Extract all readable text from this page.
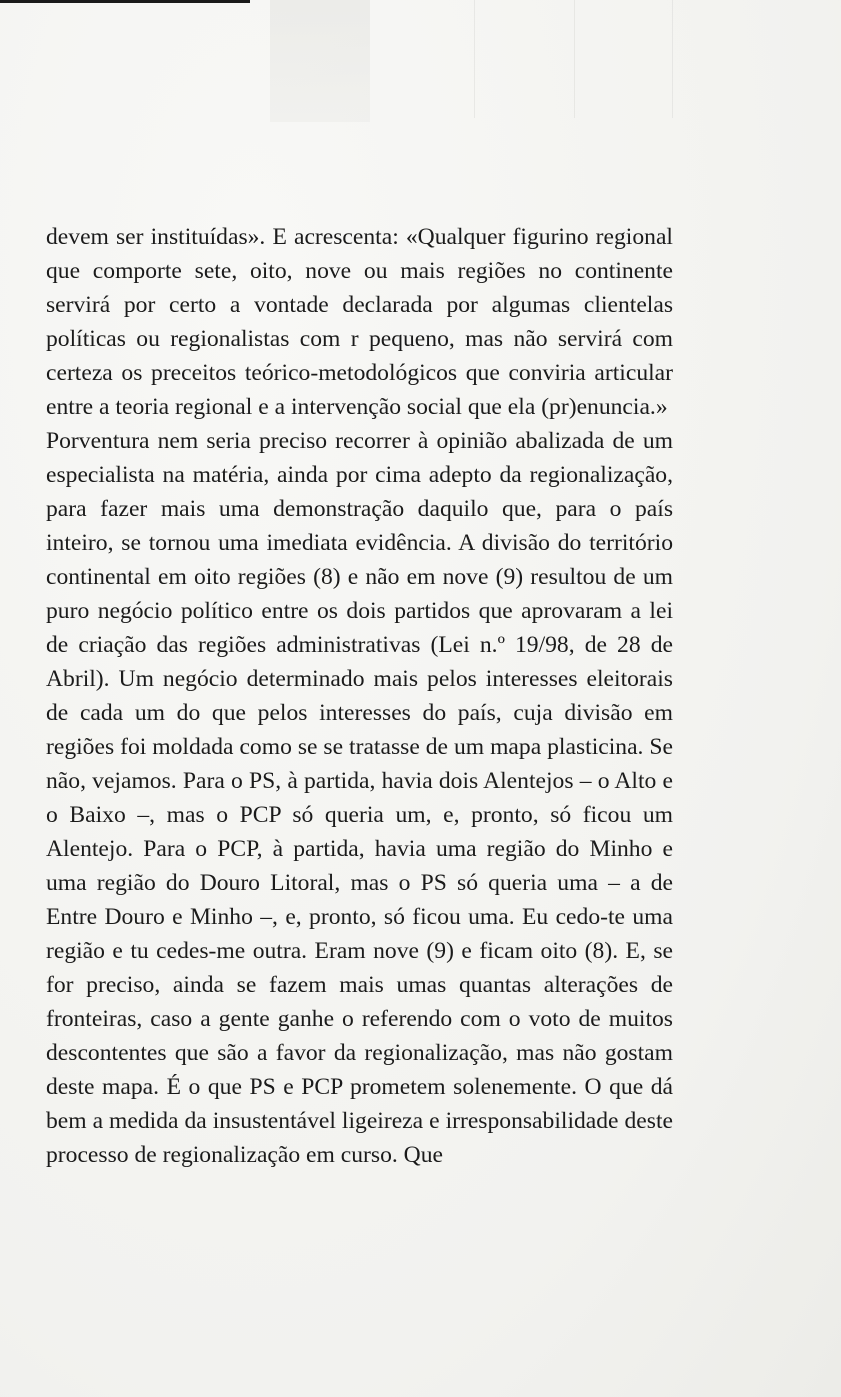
devem ser instituídas». E acrescenta: «Qualquer figurino regional que comporte sete, oito, nove ou mais regiões no continente servirá por certo a vontade declarada por algumas clientelas políticas ou regionalistas com r pequeno, mas não servirá com certeza os preceitos teórico-metodológicos que conviria articular entre a teoria regional e a intervenção social que ela (pr)enuncia.»

Porventura nem seria preciso recorrer à opinião abalizada de um especialista na matéria, ainda por cima adepto da regionalização, para fazer mais uma demonstração daquilo que, para o país inteiro, se tornou uma imediata evidência. A divisão do território continental em oito regiões (8) e não em nove (9) resultou de um puro negócio político entre os dois partidos que aprovaram a lei de criação das regiões administrativas (Lei n.º 19/98, de 28 de Abril). Um negócio determinado mais pelos interesses eleitorais de cada um do que pelos interesses do país, cuja divisão em regiões foi moldada como se se tratasse de um mapa plasticina. Se não, vejamos. Para o PS, à partida, havia dois Alentejos – o Alto e o Baixo –, mas o PCP só queria um, e, pronto, só ficou um Alentejo. Para o PCP, à partida, havia uma região do Minho e uma região do Douro Litoral, mas o PS só queria uma – a de Entre Douro e Minho –, e, pronto, só ficou uma. Eu cedo-te uma região e tu cedes-me outra. Eram nove (9) e ficam oito (8). E, se for preciso, ainda se fazem mais umas quantas alterações de fronteiras, caso a gente ganhe o referendo com o voto de muitos descontentes que são a favor da regionalização, mas não gostam deste mapa. É o que PS e PCP prometem solenemente. O que dá bem a medida da insustentável ligeireza e irresponsabilidade deste processo de regionalização em curso. Que
